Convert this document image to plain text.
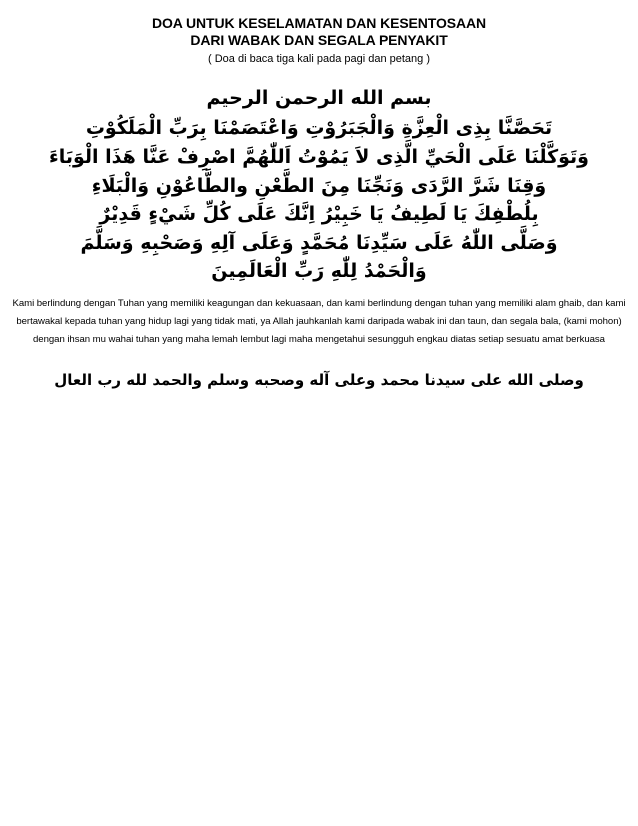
DOA UNTUK KESELAMATAN DAN KESENTOSAAN
DARI WABAK DAN SEGALA PENYAKIT
( Doa di baca tiga kali pada pagi dan petang )
بسم الله الرحمن الرحيم
تَحَصَّنَّا بِذِى الْعِزَّةِ وَالْجَبَرُوْتِ وَاعْتَصَمْنَا بِرَبِّ الْمَلَكُوْتِ
وَتَوَكَّلْنَا عَلَى الْحَيِّ الَّذِى لاَ يَمُوْتُ اَللّٰهُمَّ اصْرِفْ عَنَّا هَذَا الْوَبَاءَ
وَقِنَا شَرَّ الرَّدَى وَنَجِّنَا مِنَ الطَّعْنِ والطَّاعُوْنِ وَالْبَلَاءِ
بِلُطْفِكَ يَا لَطِيفُ يَا خَبِيْرُ اِنَّكَ عَلَى كُلِّ شَيْءٍ قَدِيْرٌ
وَصَلَّى اللّٰهُ عَلَى سَيِّدِنَا مُحَمَّدٍ وَعَلَى آلِهِ وَصَحْبِهِ وَسَلَّمَ
وَالْحَمْدُ لِلّٰهِ رَبِّ الْعَالَمِينَ
Kami berlindung dengan Tuhan yang memiliki keagungan dan kekuasaan, dan kami berlindung dengan tuhan yang memiliki alam ghaib, dan kami bertawakal kepada tuhan yang hidup lagi yang tidak mati, ya Allah jauhkanlah kami daripada wabak ini dan taun, dan segala bala, (kami mohon) dengan ihsan mu wahai tuhan yang maha lemah lembut lagi maha mengetahui sesungguh engkau diatas setiap sesuatu amat berkuasa
وصلى الله على سيدنا محمد وعلى آله وصحبه وسلم والحمد لله رب العال
